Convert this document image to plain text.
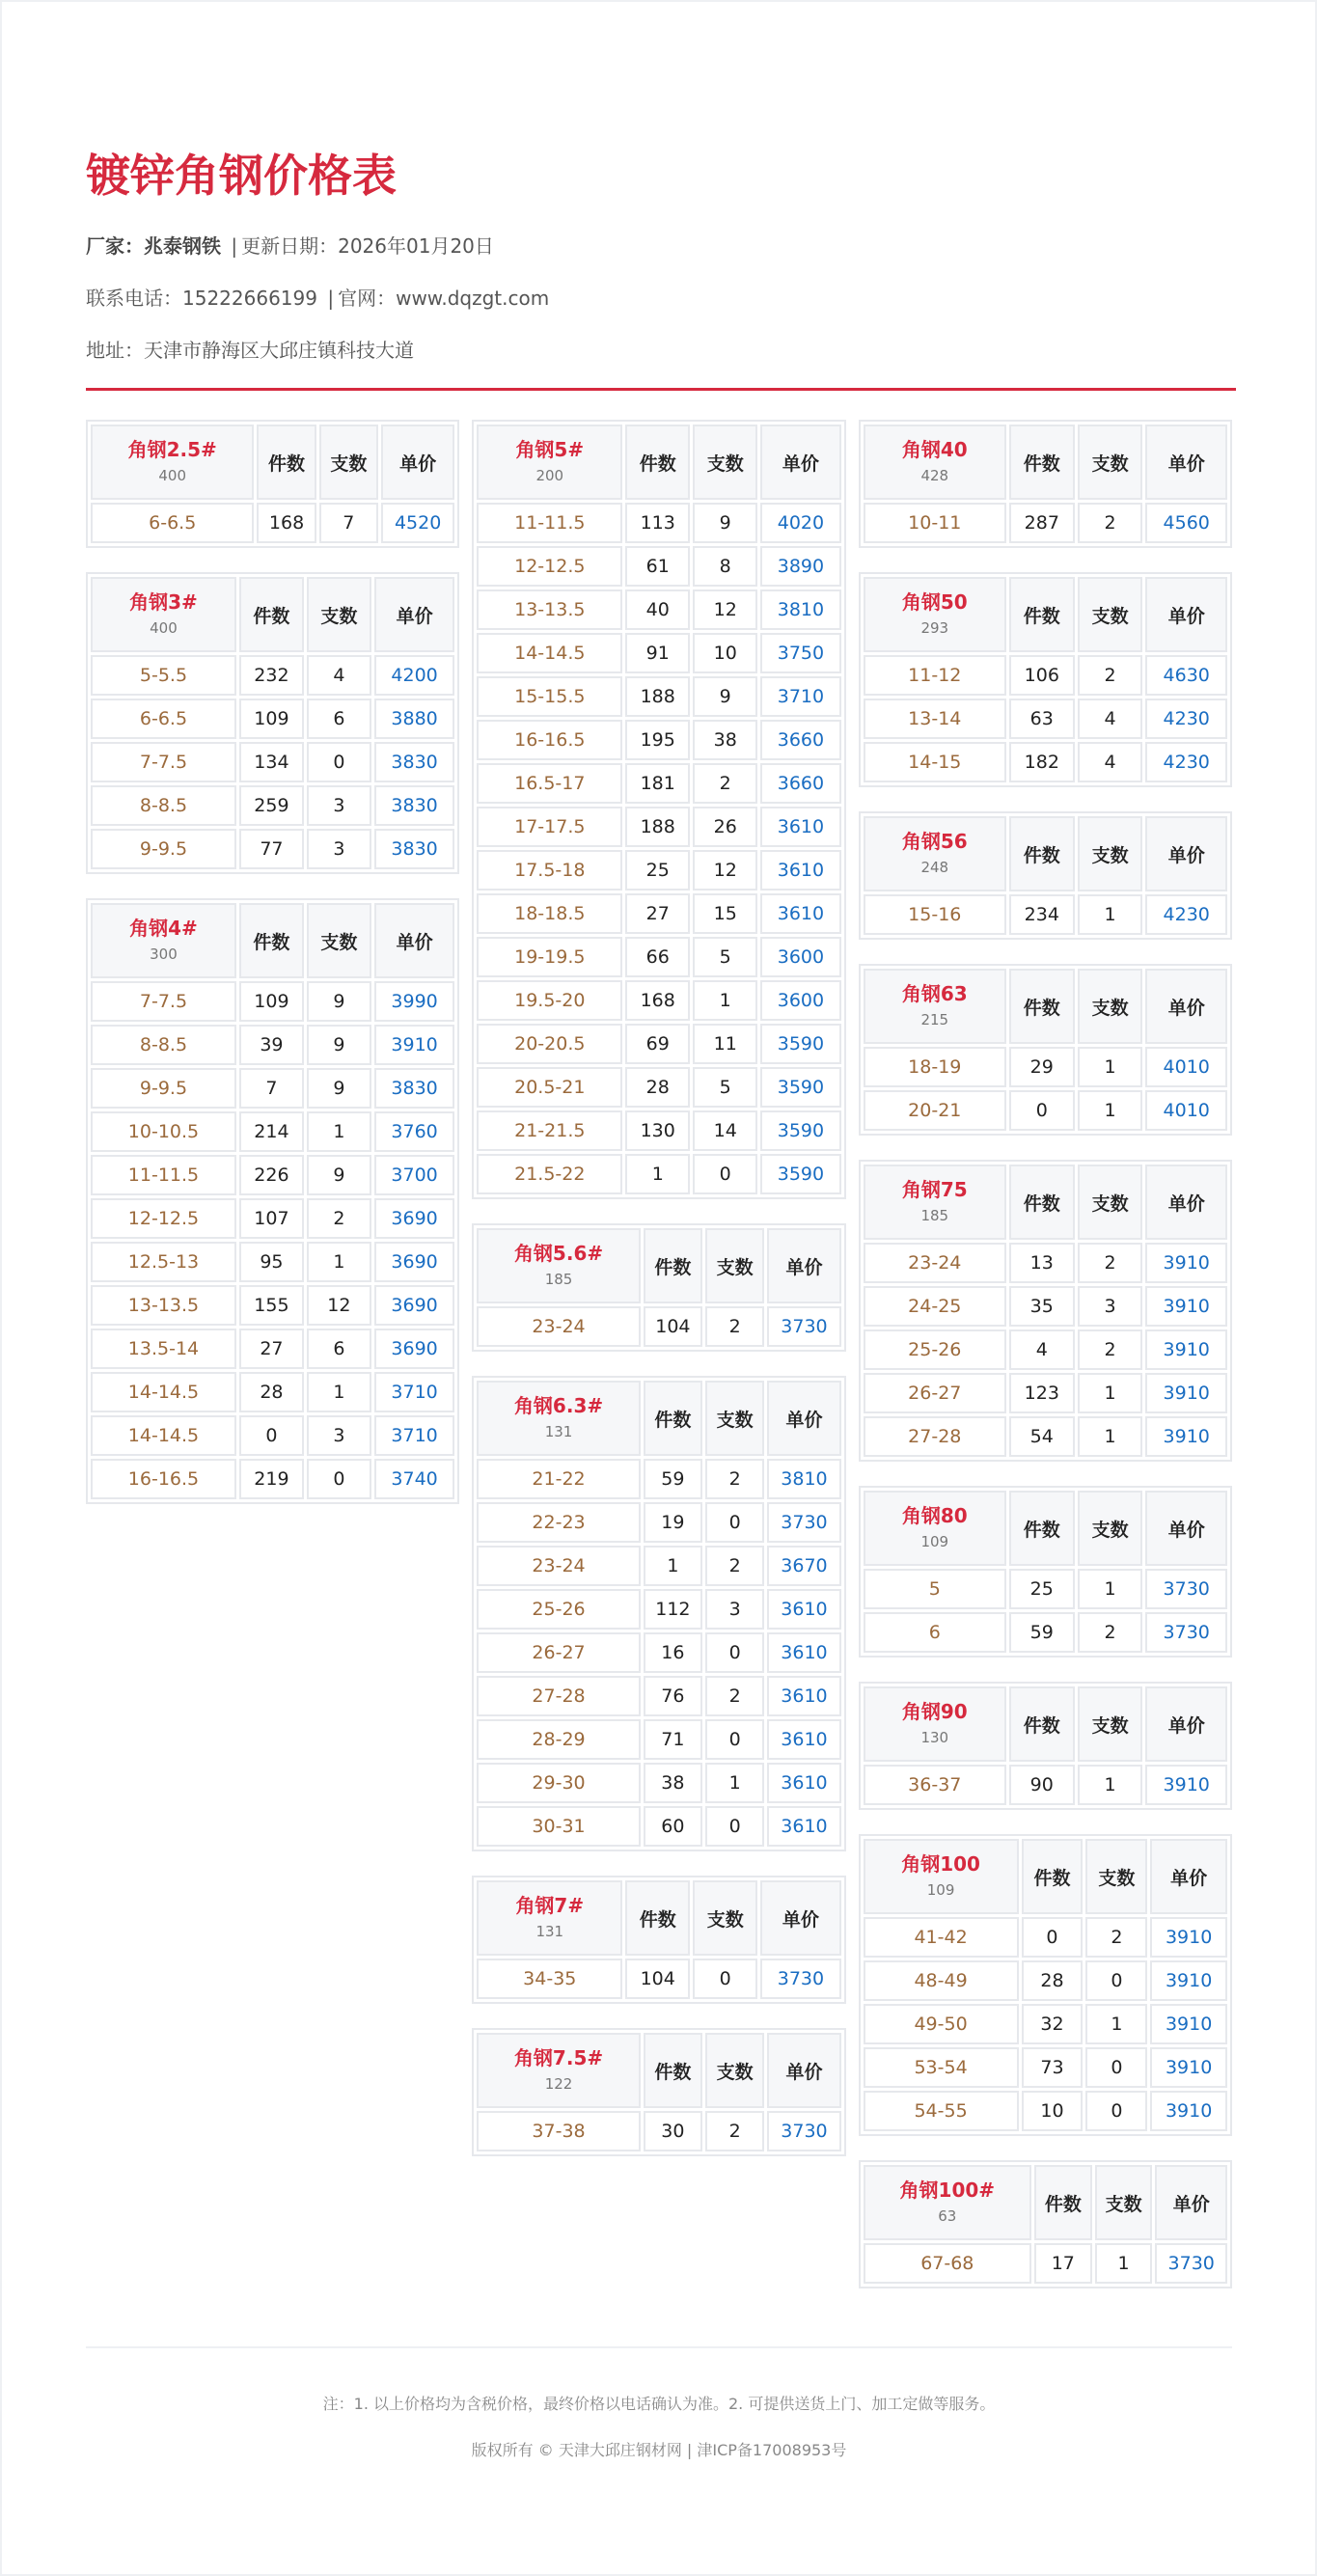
镀锌角钢价格表
厂家：兆泰钢铁 | 更新日期：2026年01月20日
联系电话：15222666199 | 官网：www.dqzgt.com
地址：天津市静海区大邱庄镇科技大道
角钢2.5#
400	件数	支数	单价
6-6.5	168	7	4520
角钢3#
400	件数	支数	单价
5-5.5	232	4	4200
6-6.5	109	6	3880
7-7.5	134	0	3830
8-8.5	259	3	3830
9-9.5	77	3	3830
角钢4#
300	件数	支数	单价
7-7.5	109	9	3990
8-8.5	39	9	3910
9-9.5	7	9	3830
10-10.5	214	1	3760
11-11.5	226	9	3700
12-12.5	107	2	3690
12.5-13	95	1	3690
13-13.5	155	12	3690
13.5-14	27	6	3690
14-14.5	28	1	3710
14-14.5	0	3	3710
16-16.5	219	0	3740
角钢5#
200	件数	支数	单价
11-11.5	113	9	4020
12-12.5	61	8	3890
13-13.5	40	12	3810
14-14.5	91	10	3750
15-15.5	188	9	3710
16-16.5	195	38	3660
16.5-17	181	2	3660
17-17.5	188	26	3610
17.5-18	25	12	3610
18-18.5	27	15	3610
19-19.5	66	5	3600
19.5-20	168	1	3600
20-20.5	69	11	3590
20.5-21	28	5	3590
21-21.5	130	14	3590
21.5-22	1	0	3590
角钢5.6#
185	件数	支数	单价
23-24	104	2	3730
角钢6.3#
131	件数	支数	单价
21-22	59	2	3810
22-23	19	0	3730
23-24	1	2	3670
25-26	112	3	3610
26-27	16	0	3610
27-28	76	2	3610
28-29	71	0	3610
29-30	38	1	3610
30-31	60	0	3610
角钢7#
131	件数	支数	单价
34-35	104	0	3730
角钢7.5#
122	件数	支数	单价
37-38	30	2	3730
角钢40
428	件数	支数	单价
10-11	287	2	4560
角钢50
293	件数	支数	单价
11-12	106	2	4630
13-14	63	4	4230
14-15	182	4	4230
角钢56
248	件数	支数	单价
15-16	234	1	4230
角钢63
215	件数	支数	单价
18-19	29	1	4010
20-21	0	1	4010
角钢75
185	件数	支数	单价
23-24	13	2	3910
24-25	35	3	3910
25-26	4	2	3910
26-27	123	1	3910
27-28	54	1	3910
角钢80
109	件数	支数	单价
5	25	1	3730
6	59	2	3730
角钢90
130	件数	支数	单价
36-37	90	1	3910
角钢100
109	件数	支数	单价
41-42	0	2	3910
48-49	28	0	3910
49-50	32	1	3910
53-54	73	0	3910
54-55	10	0	3910
角钢100#
63	件数	支数	单价
67-68	17	1	3730
注：1. 以上价格均为含税价格，最终价格以电话确认为准。2. 可提供送货上门、加工定做等服务。
版权所有 © 天津大邱庄钢材网 | 津ICP备17008953号
